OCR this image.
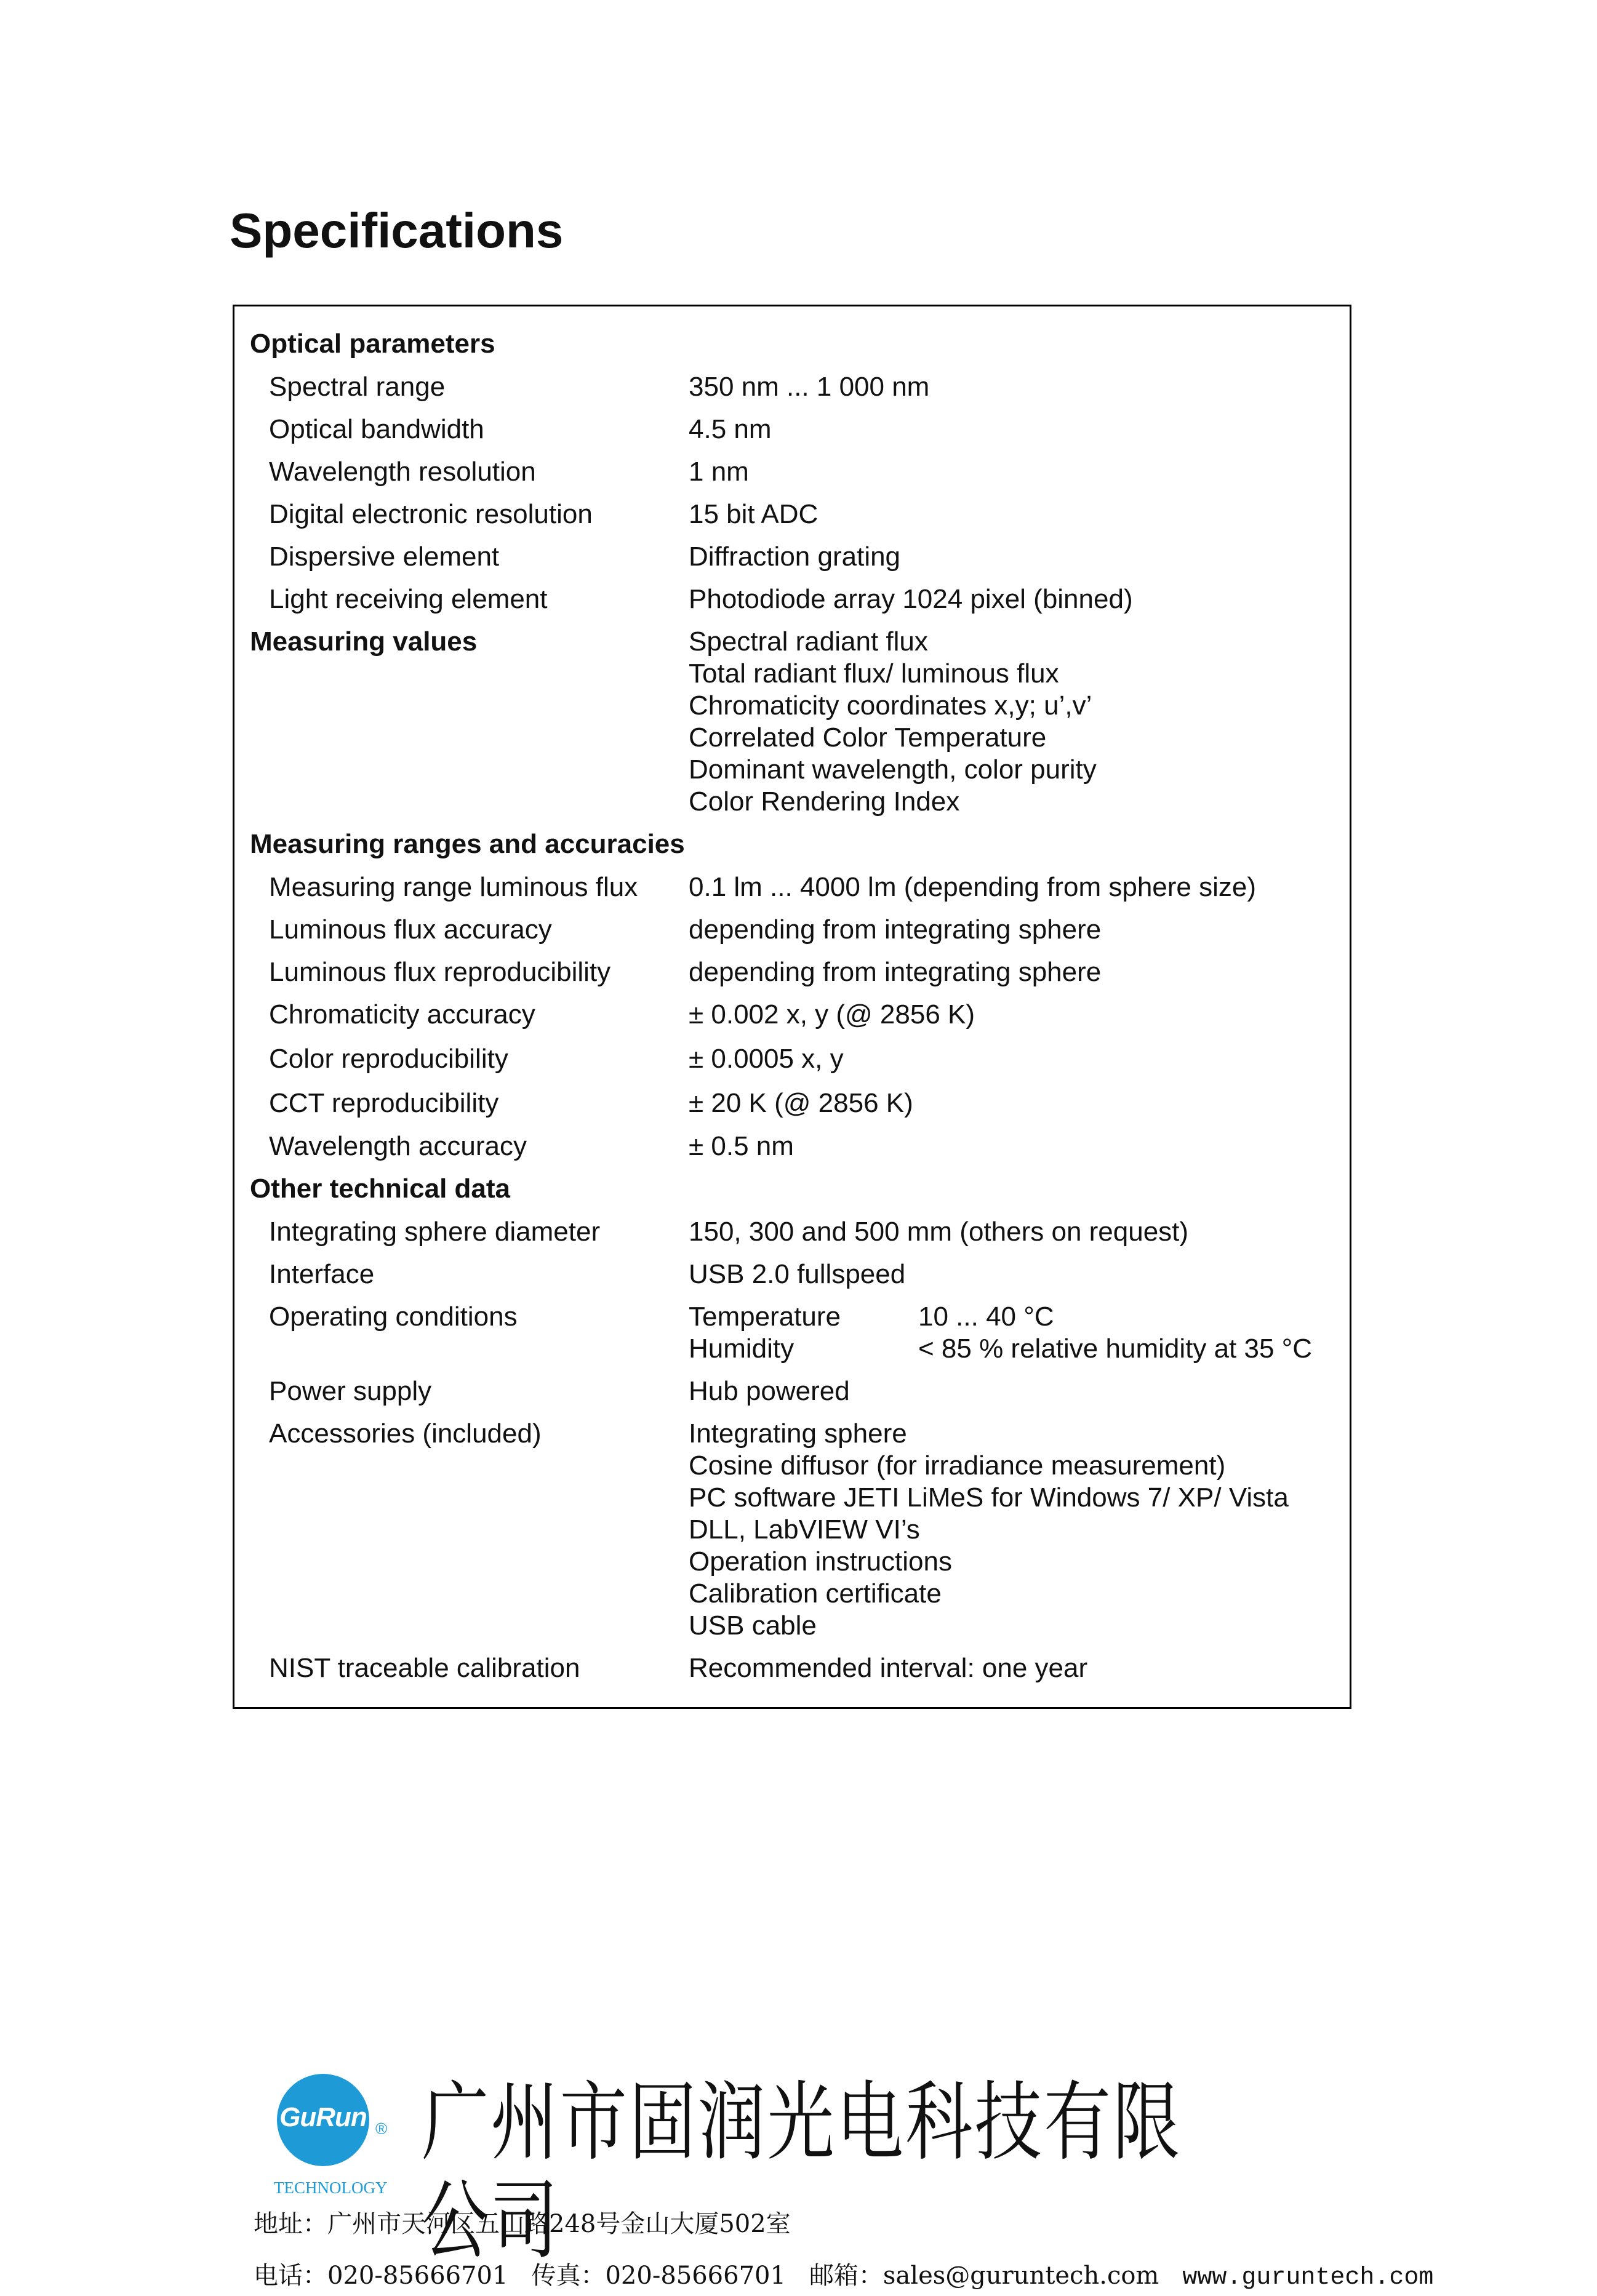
Specifications
Optical parameters
Spectral range	350 nm ... 1 000 nm
Optical bandwidth	4.5 nm
Wavelength resolution	1 nm
Digital electronic resolution	15 bit ADC
Dispersive element	Diffraction grating
Light receiving element	Photodiode array 1024 pixel (binned)
Measuring values	Spectral radiant flux
Total radiant flux/ luminous flux
Chromaticity coordinates x,y; u’,v’
Correlated Color Temperature
Dominant wavelength, color purity
Color Rendering Index
Measuring ranges and accuracies
Measuring range luminous flux	0.1 lm ... 4000 lm (depending from sphere size)
Luminous flux accuracy	depending from integrating sphere
Luminous flux reproducibility	depending from integrating sphere
Chromaticity accuracy	± 0.002 x, y (@ 2856 K)
Color reproducibility	± 0.0005 x, y
CCT reproducibility	± 20 K (@ 2856 K)
Wavelength accuracy	± 0.5 nm
Other technical data
Integrating sphere diameter	150, 300 and 500 mm (others on request)
Interface	USB 2.0 fullspeed
Operating conditions	Temperature	10 ... 40 °C
Humidity	< 85 % relative humidity at 35 °C
Power supply	Hub powered
Accessories (included)	Integrating sphere
Cosine diffusor (for irradiance measurement)
PC software JETI LiMeS for Windows 7/ XP/ Vista
DLL, LabVIEW VI’s
Operation instructions
Calibration certificate
USB cable
NIST traceable calibration	Recommended interval: one year
GuRun ®
TECHNOLOGY
广州市固润光电科技有限公司
地址：广州市天河区五山路248号金山大厦502室
电话：020-85666701 传真：020-85666701 邮箱：sales@guruntech.com www.guruntech.com
